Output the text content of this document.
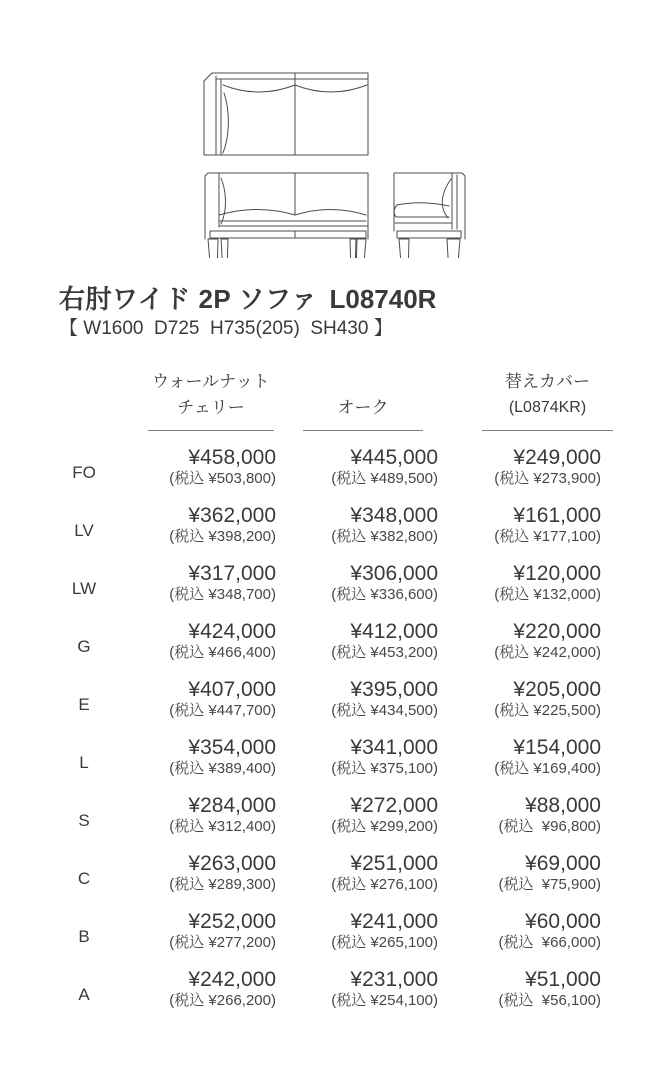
右肘ワイド 2P ソファ L08740R
【 W1600  D725  H735(205)  SH430 】
ウォールナット
チェリー	オーク
替えカバー
(L0874KR)
FO
¥458,000
(税込 ¥503,800)
¥445,000
(税込 ¥489,500)
¥249,000
(税込 ¥273,900)
LV
¥362,000
(税込 ¥398,200)
¥348,000
(税込 ¥382,800)
¥161,000
(税込 ¥177,100)
LW
¥317,000
(税込 ¥348,700)
¥306,000
(税込 ¥336,600)
¥120,000
(税込 ¥132,000)
G
¥424,000
(税込 ¥466,400)
¥412,000
(税込 ¥453,200)
¥220,000
(税込 ¥242,000)
E
¥407,000
(税込 ¥447,700)
¥395,000
(税込 ¥434,500)
¥205,000
(税込 ¥225,500)
L
¥354,000
(税込 ¥389,400)
¥341,000
(税込 ¥375,100)
¥154,000
(税込 ¥169,400)
S
¥284,000
(税込 ¥312,400)
¥272,000
(税込 ¥299,200)
¥88,000
(税込  ¥96,800)
C
¥263,000
(税込 ¥289,300)
¥251,000
(税込 ¥276,100)
¥69,000
(税込  ¥75,900)
B
¥252,000
(税込 ¥277,200)
¥241,000
(税込 ¥265,100)
¥60,000
(税込  ¥66,000)
A
¥242,000
(税込 ¥266,200)
¥231,000
(税込 ¥254,100)
¥51,000
(税込  ¥56,100)
